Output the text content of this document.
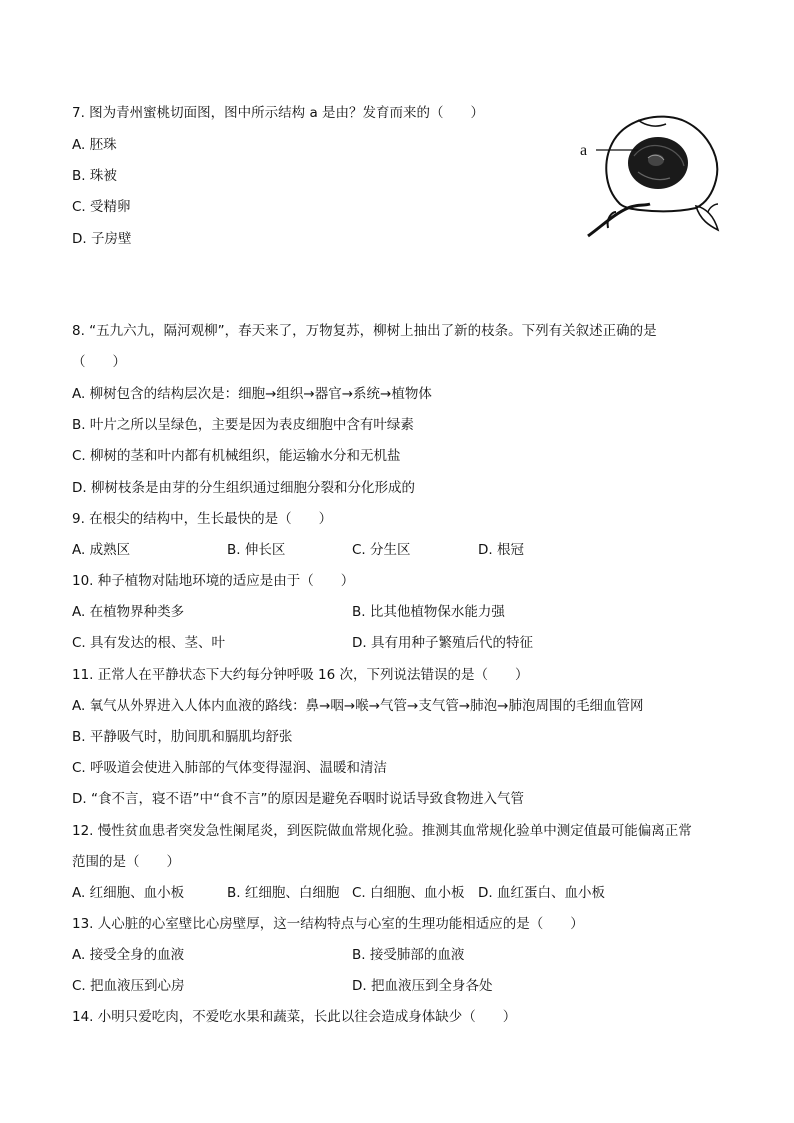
7. 图为青州蜜桃切面图，图中所示结构 a 是由？发育而来的（　　）
A. 胚珠
B. 珠被
C. 受精卵
D. 子房壁
a
8. “五九六九，隔河观柳”，春天来了，万物复苏，柳树上抽出了新的枝条。下列有关叙述正确的是
（　　）
A. 柳树包含的结构层次是：细胞→组织→器官→系统→植物体
B. 叶片之所以呈绿色，主要是因为表皮细胞中含有叶绿素
C. 柳树的茎和叶内都有机械组织，能运输水分和无机盐
D. 柳树枝条是由芽的分生组织通过细胞分裂和分化形成的
9. 在根尖的结构中，生长最快的是（　　）
A. 成熟区	B. 伸长区	C. 分生区	D. 根冠
10. 种子植物对陆地环境的适应是由于（　　）
A. 在植物界种类多	B. 比其他植物保水能力强
C. 具有发达的根、茎、叶	D. 具有用种子繁殖后代的特征
11. 正常人在平静状态下大约每分钟呼吸 16 次，下列说法错误的是（　　）
A. 氧气从外界进入人体内血液的路线：鼻→咽→喉→气管→支气管→肺泡→肺泡周围的毛细血管网
B. 平静吸气时，肋间肌和膈肌均舒张
C. 呼吸道会使进入肺部的气体变得湿润、温暖和清洁
D. “食不言，寝不语”中“食不言”的原因是避免吞咽时说话导致食物进入气管
12. 慢性贫血患者突发急性阑尾炎，到医院做血常规化验。推测其血常规化验单中测定值最可能偏离正常
范围的是（　　）
A. 红细胞、血小板	B. 红细胞、白细胞 C. 白细胞、血小板 D. 血红蛋白、血小板
13. 人心脏的心室壁比心房壁厚，这一结构特点与心室的生理功能相适应的是（　　）
A. 接受全身的血液	B. 接受肺部的血液
C. 把血液压到心房	D. 把血液压到全身各处
14. 小明只爱吃肉，不爱吃水果和蔬菜，长此以往会造成身体缺少（　　）
